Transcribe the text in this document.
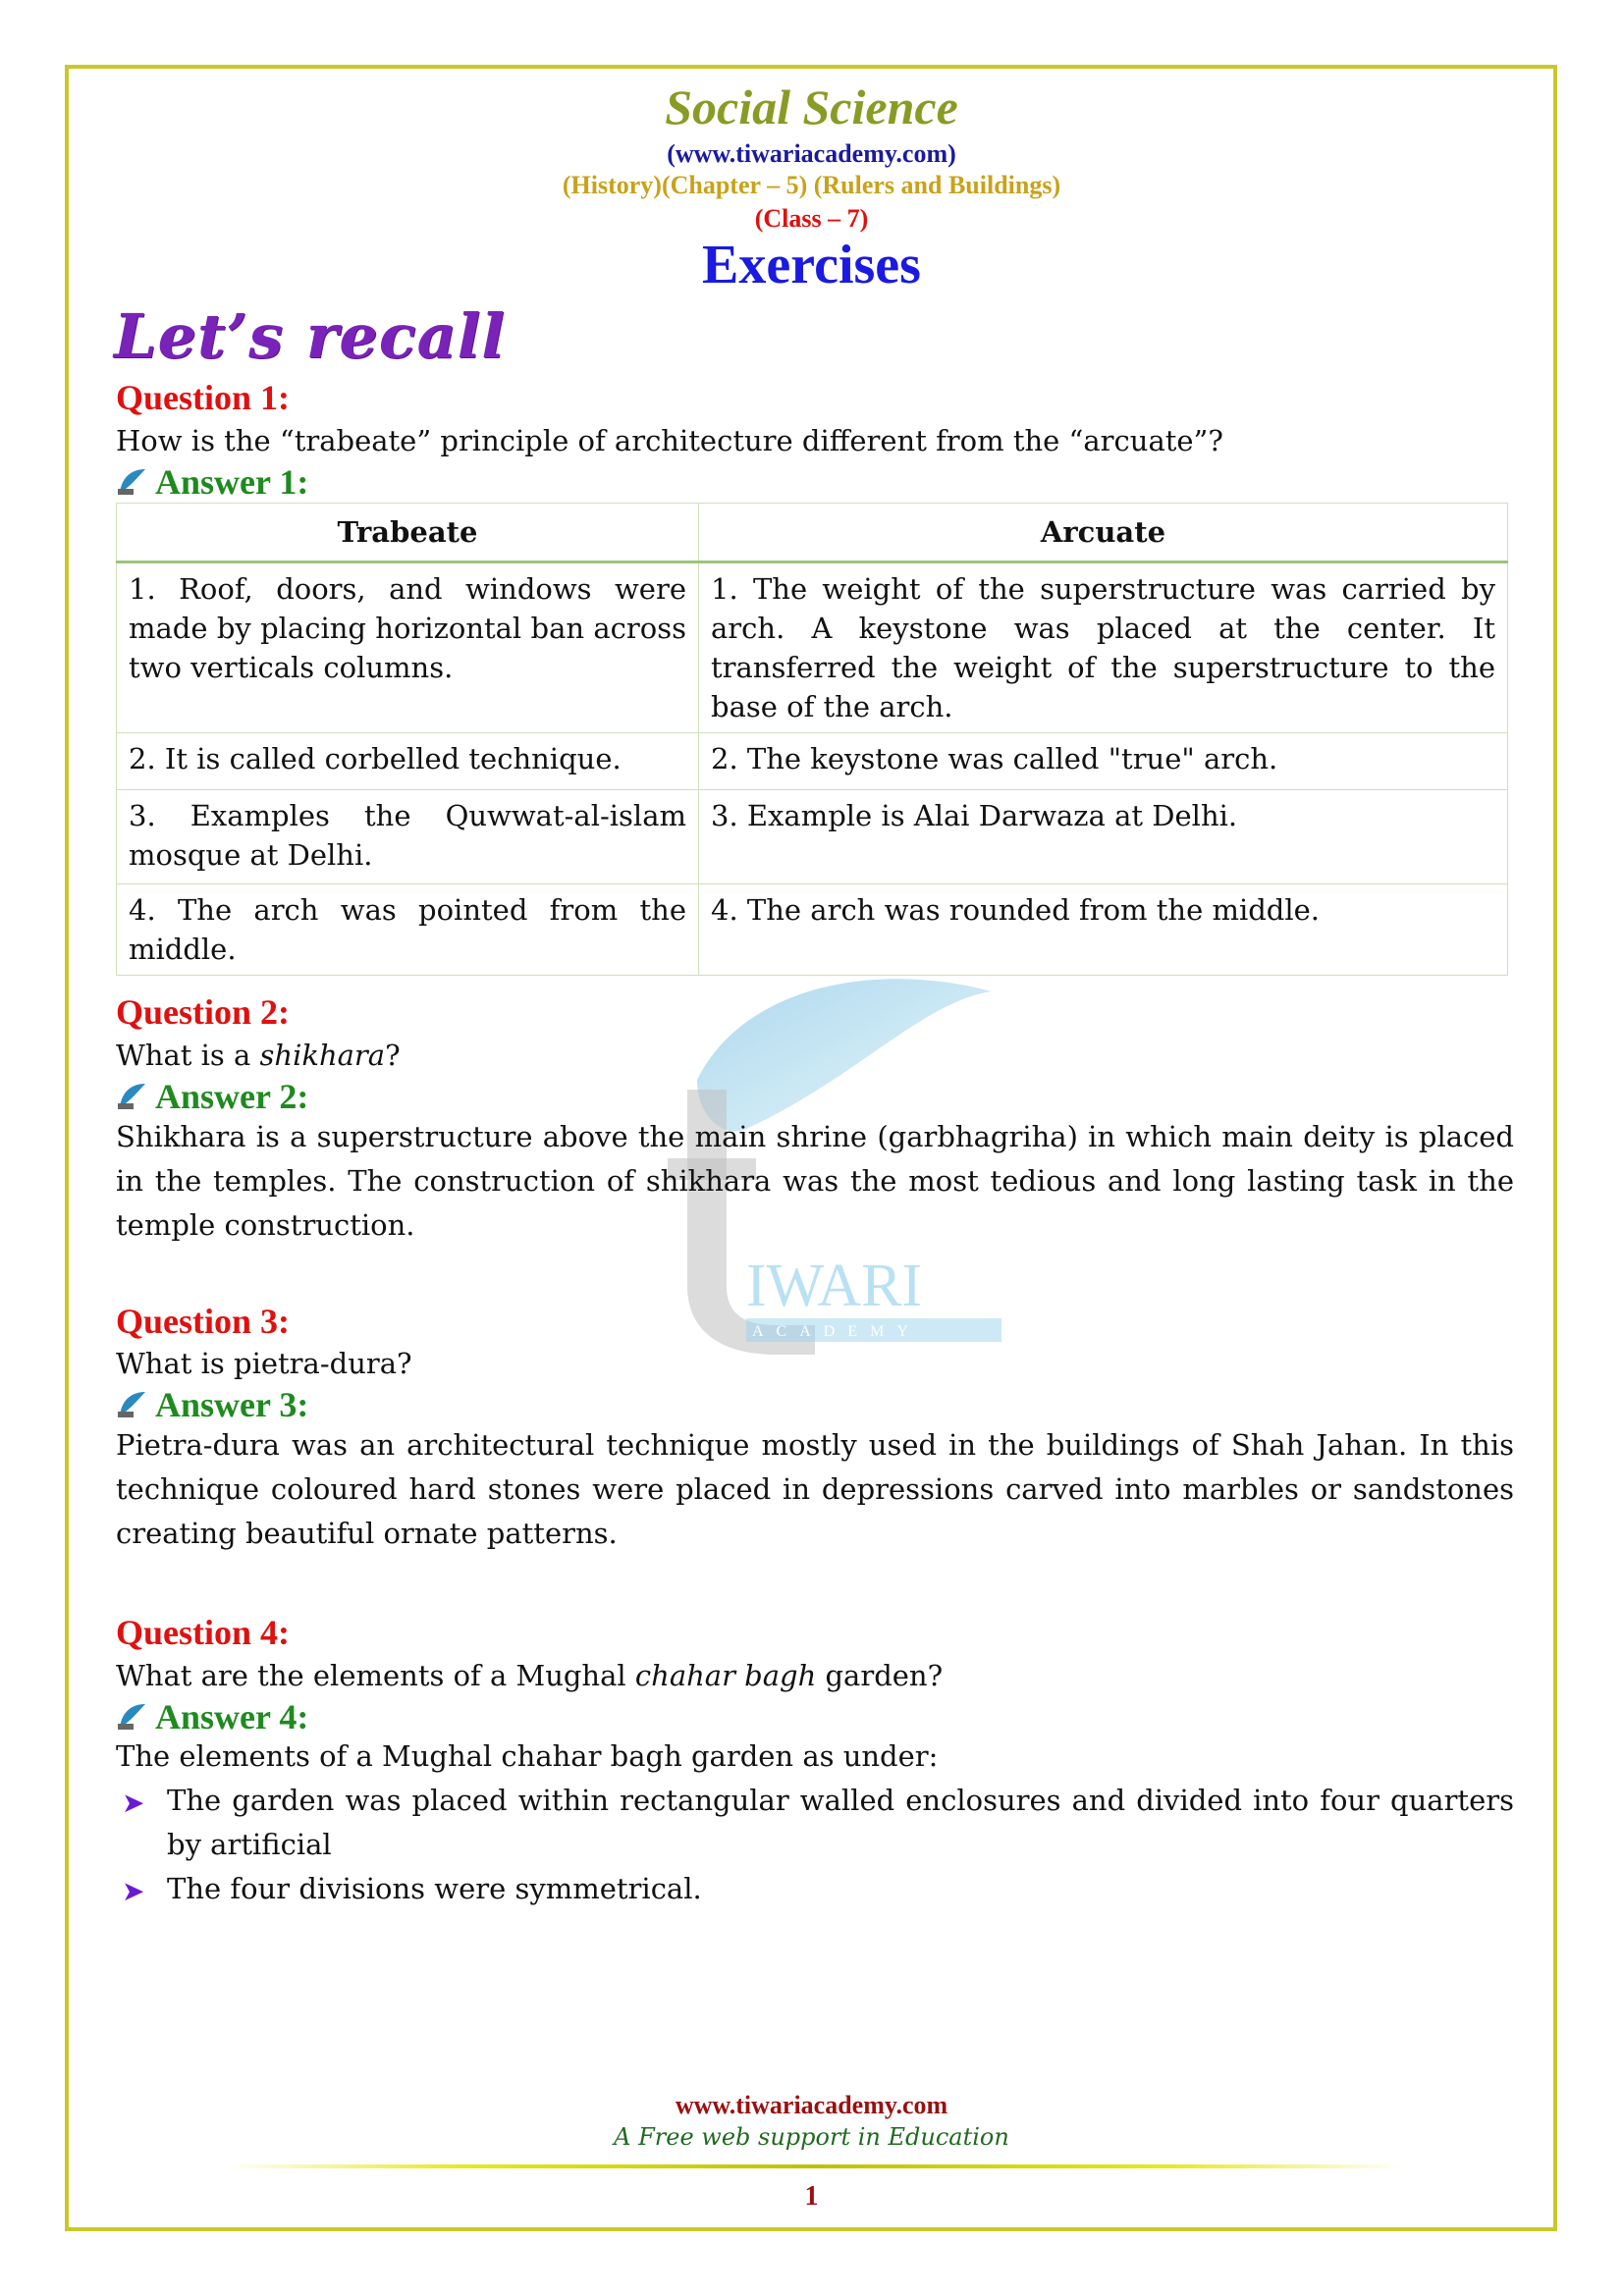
IWARI
ACADEMY
Social Science
(www.tiwariacademy.com)
(History)(Chapter – 5) (Rulers and Buildings)
(Class – 7)
Exercises
Let’s recall
Question 1:
How is the “trabeate” principle of architecture different from the “arcuate”?
Answer 1:
Trabeate	Arcuate
1. Roof, doors, and windows were made by placing horizontal ban across two verticals columns.	1. The weight of the superstructure was carried by arch. A keystone was placed at the center. It transferred the weight of the superstructure to the base of the arch.
2. It is called corbelled technique.	2. The keystone was called "true" arch.
3. Examples the Quwwat-al-islam mosque at Delhi.	3. Example is Alai Darwaza at Delhi.
4. The arch was pointed from the middle.	4. The arch was rounded from the middle.
Question 2:
What is a shikhara?
Answer 2:
Shikhara is a superstructure above the main shrine (garbhagriha) in which main deity is placed in the temples. The construction of shikhara was the most tedious and long lasting task in the temple construction.
Question 3:
What is pietra-dura?
Answer 3:
Pietra-dura was an architectural technique mostly used in the buildings of Shah Jahan. In this technique coloured hard stones were placed in depressions carved into marbles or sandstones creating beautiful ornate patterns.
Question 4:
What are the elements of a Mughal chahar bagh garden?
Answer 4:
The elements of a Mughal chahar bagh garden as under:
➤ The garden was placed within rectangular walled enclosures and divided into four quarters by artificial
➤ The four divisions were symmetrical.
www.tiwariacademy.com
A Free web support in Education
1
